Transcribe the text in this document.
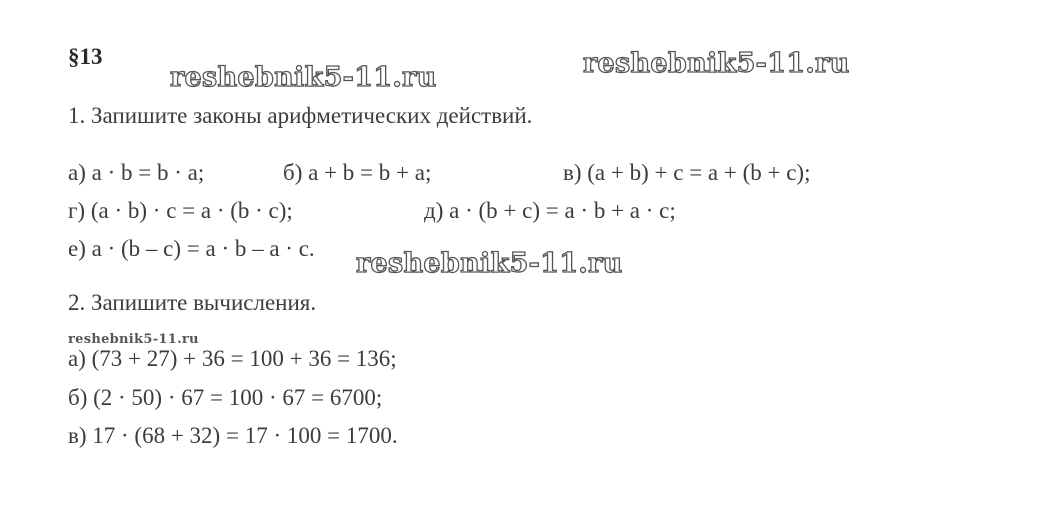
§13
reshebnik5-11.ru	reshebnik5-11.ru
1. Запишите законы арифметических действий.
а) a · b = b · a;	б) a + b = b + a;	в) (a + b) + c = a + (b + c);
г) (a · b) · c = a · (b · c);	д) a · (b + c) = a · b + a · c;
е) a · (b – c) = a · b – a · c. reshebnik5-11.ru
2. Запишите вычисления.
reshebnik5-11.ru
а) (73 + 27) + 36 = 100 + 36 = 136;
б) (2 · 50) · 67 = 100 · 67 = 6700;
в) 17 · (68 + 32) = 17 · 100 = 1700.
